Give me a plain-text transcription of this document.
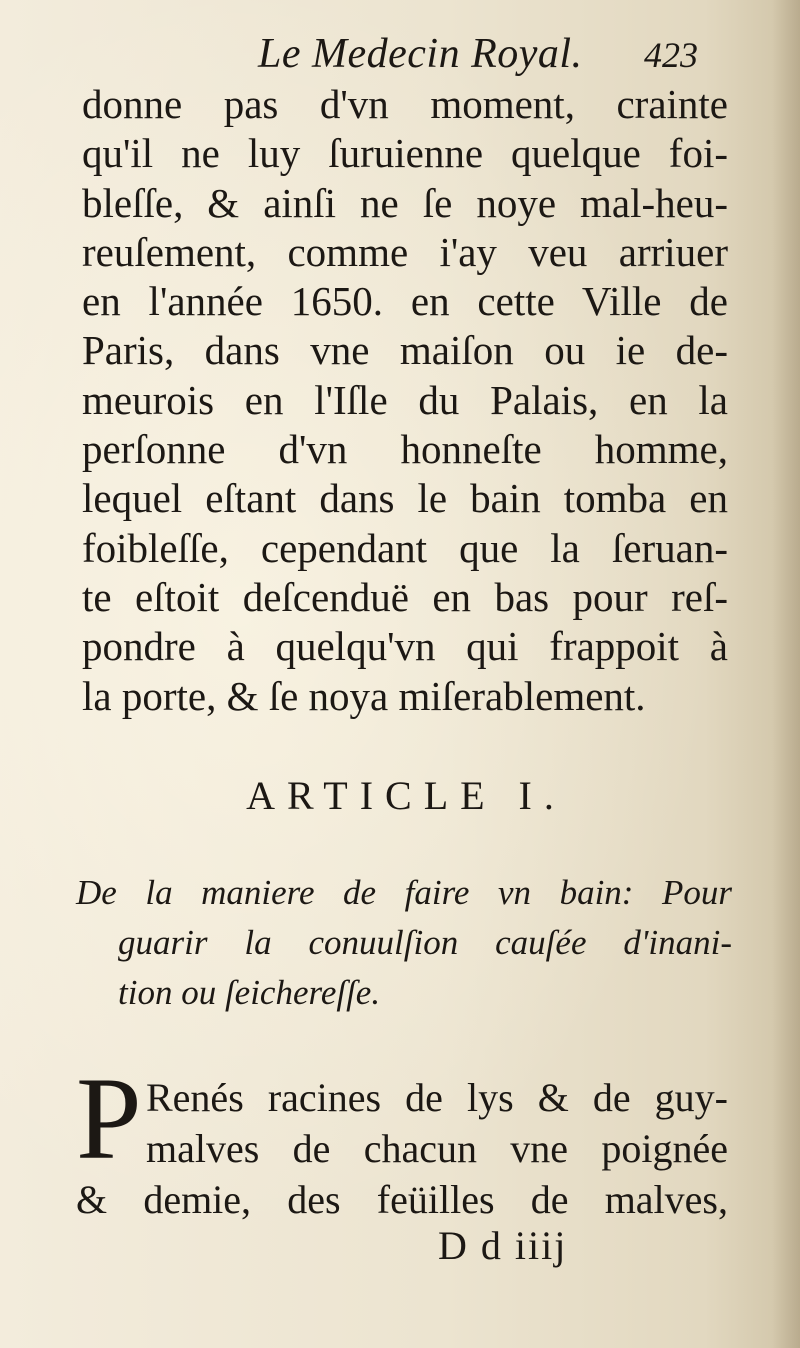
Le Medecin Royal. 423
donne pas d'vn moment, crainte
qu'il ne luy ſuruienne quelque foi-
bleſſe, & ainſi ne ſe noye mal-heu-
reuſement, comme i'ay veu arriuer
en l'année 1650. en cette Ville de
Paris, dans vne maiſon ou ie de-
meurois en l'Iſle du Palais, en la
perſonne d'vn honneſte homme,
lequel eſtant dans le bain tomba en
foibleſſe, cependant que la ſeruan-
te eſtoit deſcenduë en bas pour reſ-
pondre à quelqu'vn qui frappoit à
la porte, & ſe noya miſerablement.
ARTICLE I.
De la maniere de faire vn bain: Pour
guarir la conuulſion cauſée d'inani-
tion ou ſeichereſſe.
P Renés racines de lys & de guy-
malves de chacun vne poignée
& demie, des feüilles de malves,
D d iiij
